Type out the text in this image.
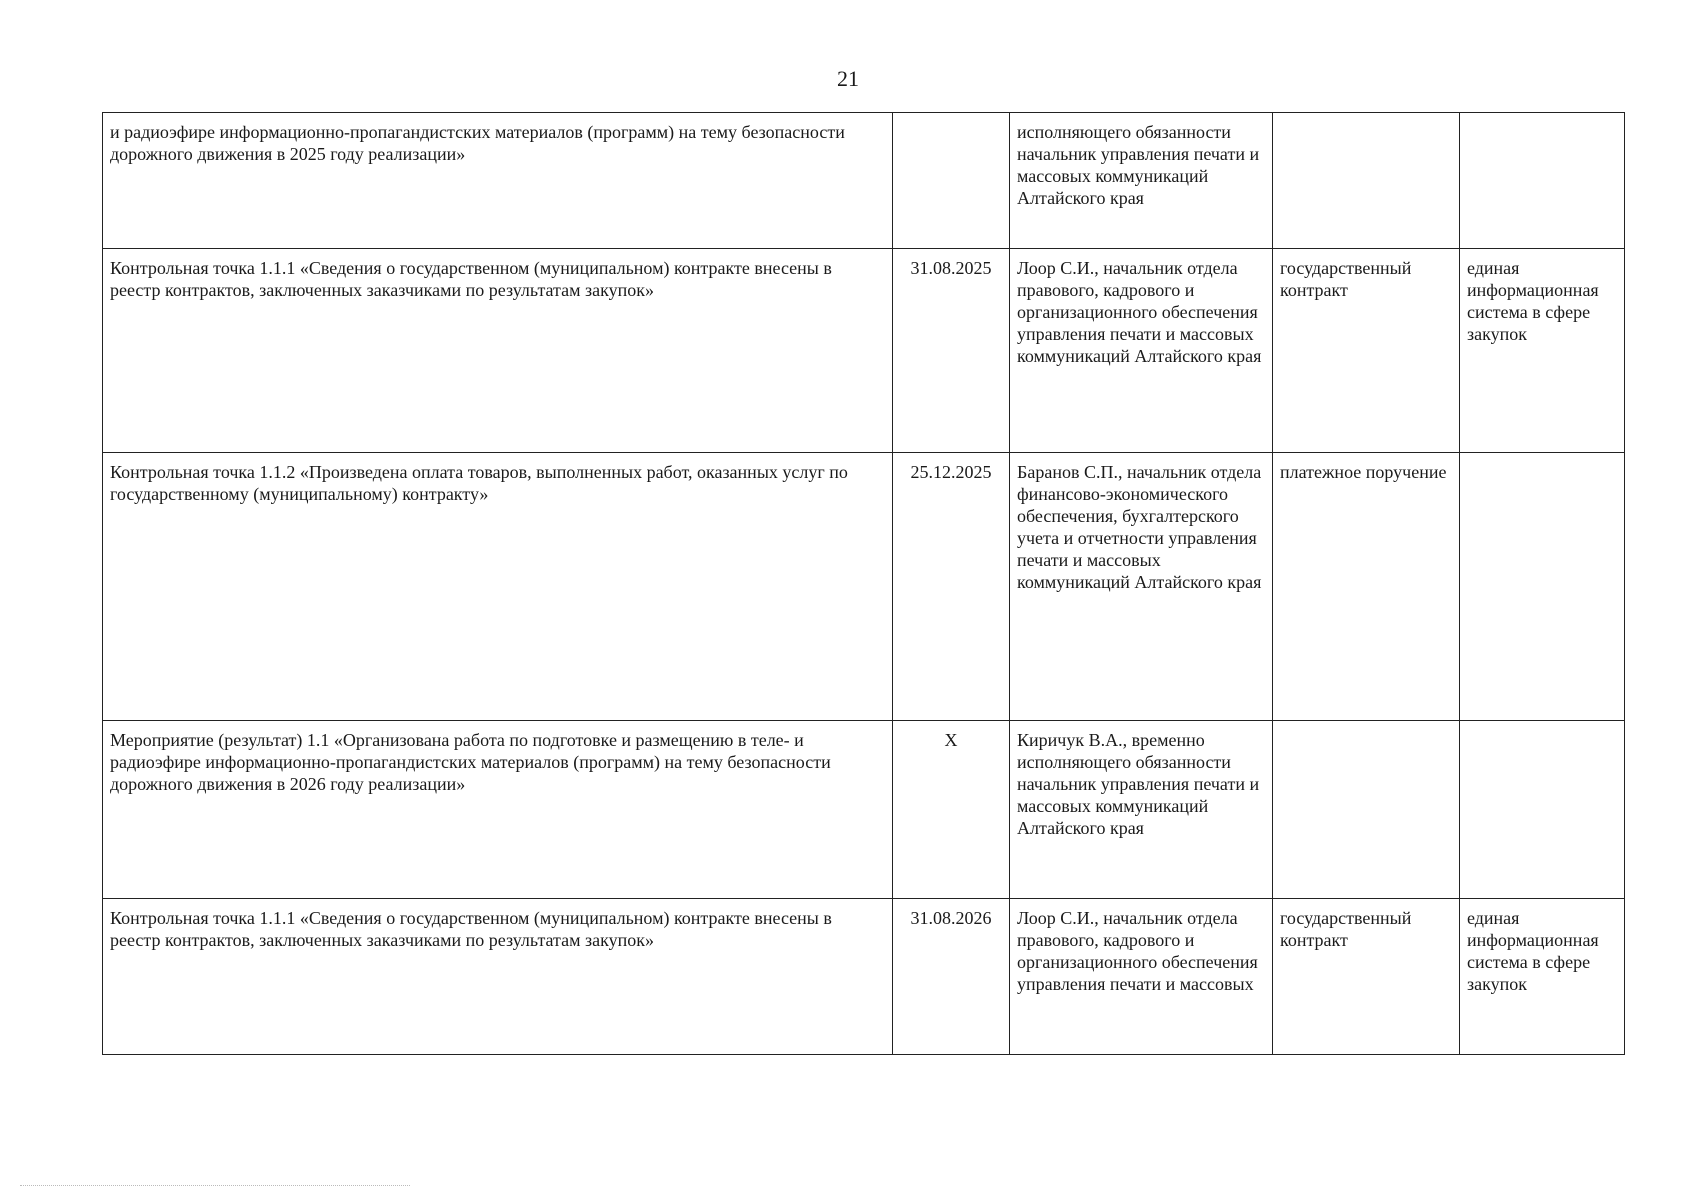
21
и радиоэфире информационно-пропагандистских материалов (программ) на тему безопасности дорожного движения в 2025 году реализации»		исполняющего обязанности начальник управления печати и массовых коммуникаций Алтайского края		
Контрольная точка 1.1.1 «Сведения о государственном (муниципальном) контракте внесены в реестр контрактов, заключенных заказчиками по результатам закупок»	31.08.2025	Лоор С.И., начальник отдела правового, кадрового и организационного обеспечения управления печати и массовых коммуникаций Алтайского края	государственный контракт	единая информационная система в сфере закупок
Контрольная точка 1.1.2 «Произведена оплата товаров, выполненных работ, оказанных услуг по государственному (муниципальному) контракту»	25.12.2025	Баранов С.П., начальник отдела финансово-экономического обеспечения, бухгалтерского учета и отчетности управления печати и массовых коммуникаций Алтайского края	платежное поручение	
Мероприятие (результат) 1.1 «Организована работа по подготовке и размещению в теле- и радиоэфире информационно-пропагандистских материалов (программ) на тему безопасности дорожного движения в 2026 году реализации»	X	Киричук В.А., временно исполняющего обязанности начальник управления печати и массовых коммуникаций Алтайского края		
Контрольная точка 1.1.1 «Сведения о государственном (муниципальном) контракте внесены в реестр контрактов, заключенных заказчиками по результатам закупок»	31.08.2026	Лоор С.И., начальник отдела правового, кадрового и организационного обеспечения управления печати и массовых	государственный контракт	единая информационная система в сфере закупок
